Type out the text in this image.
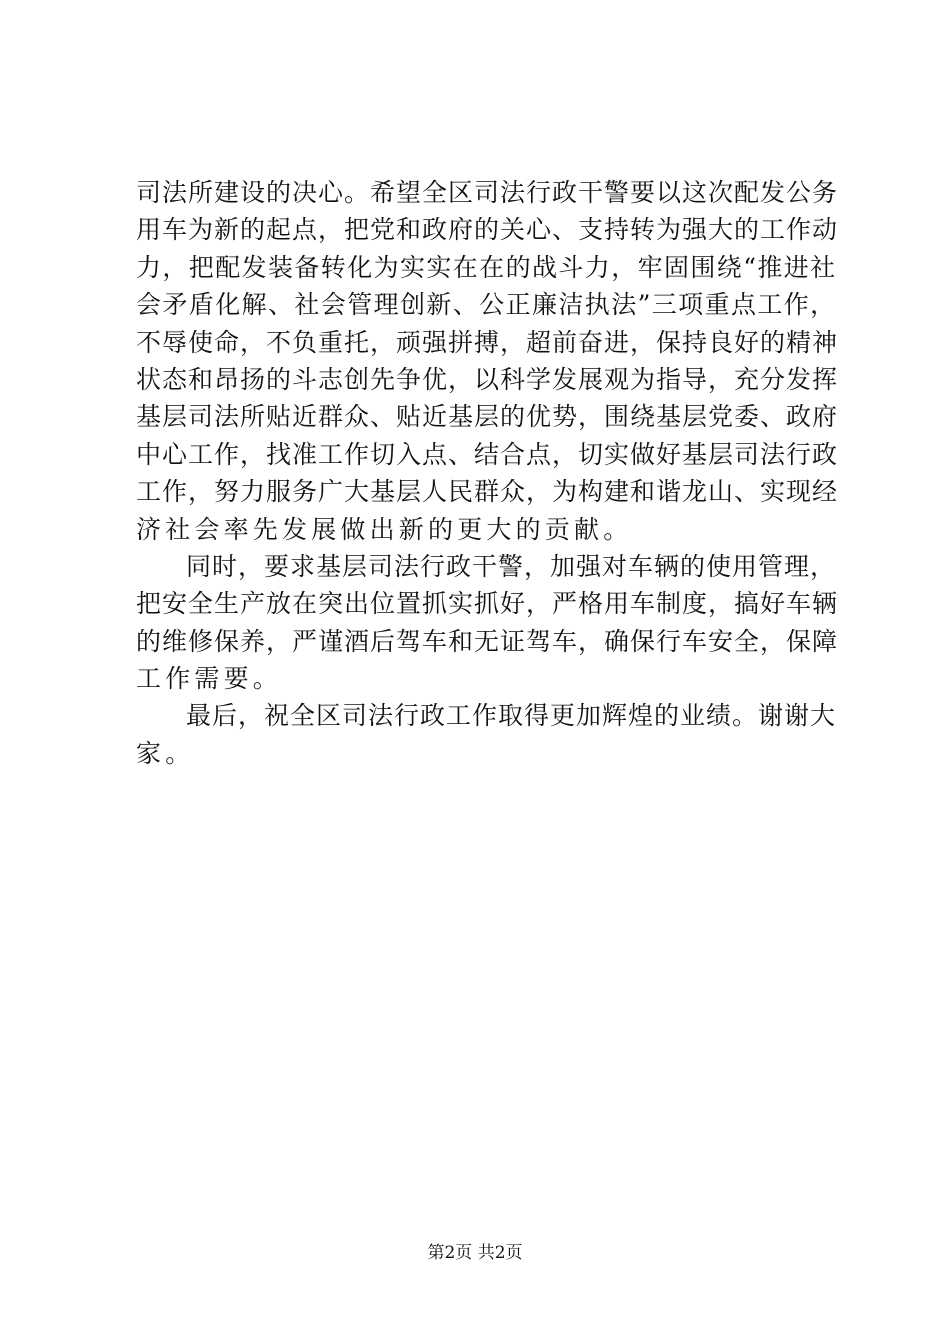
司法所建设的决心。希望全区司法行政干警要以这次配发公务
用车为新的起点，把党和政府的关心、支持转为强大的工作动
力，把配发装备转化为实实在在的战斗力，牢固围绕“推进社
会矛盾化解、社会管理创新、公正廉洁执法”三项重点工作，
不辱使命，不负重托，顽强拼搏，超前奋进，保持良好的精神
状态和昂扬的斗志创先争优，以科学发展观为指导，充分发挥
基层司法所贴近群众、贴近基层的优势，围绕基层党委、政府
中心工作，找准工作切入点、结合点，切实做好基层司法行政
工作，努力服务广大基层人民群众，为构建和谐龙山、实现经
济社会率先发展做出新的更大的贡献。
同时，要求基层司法行政干警，加强对车辆的使用管理，
把安全生产放在突出位置抓实抓好，严格用车制度，搞好车辆
的维修保养，严谨酒后驾车和无证驾车，确保行车安全，保障
工作需要。
最后，祝全区司法行政工作取得更加辉煌的业绩。谢谢大
家。
第2页 共2页
